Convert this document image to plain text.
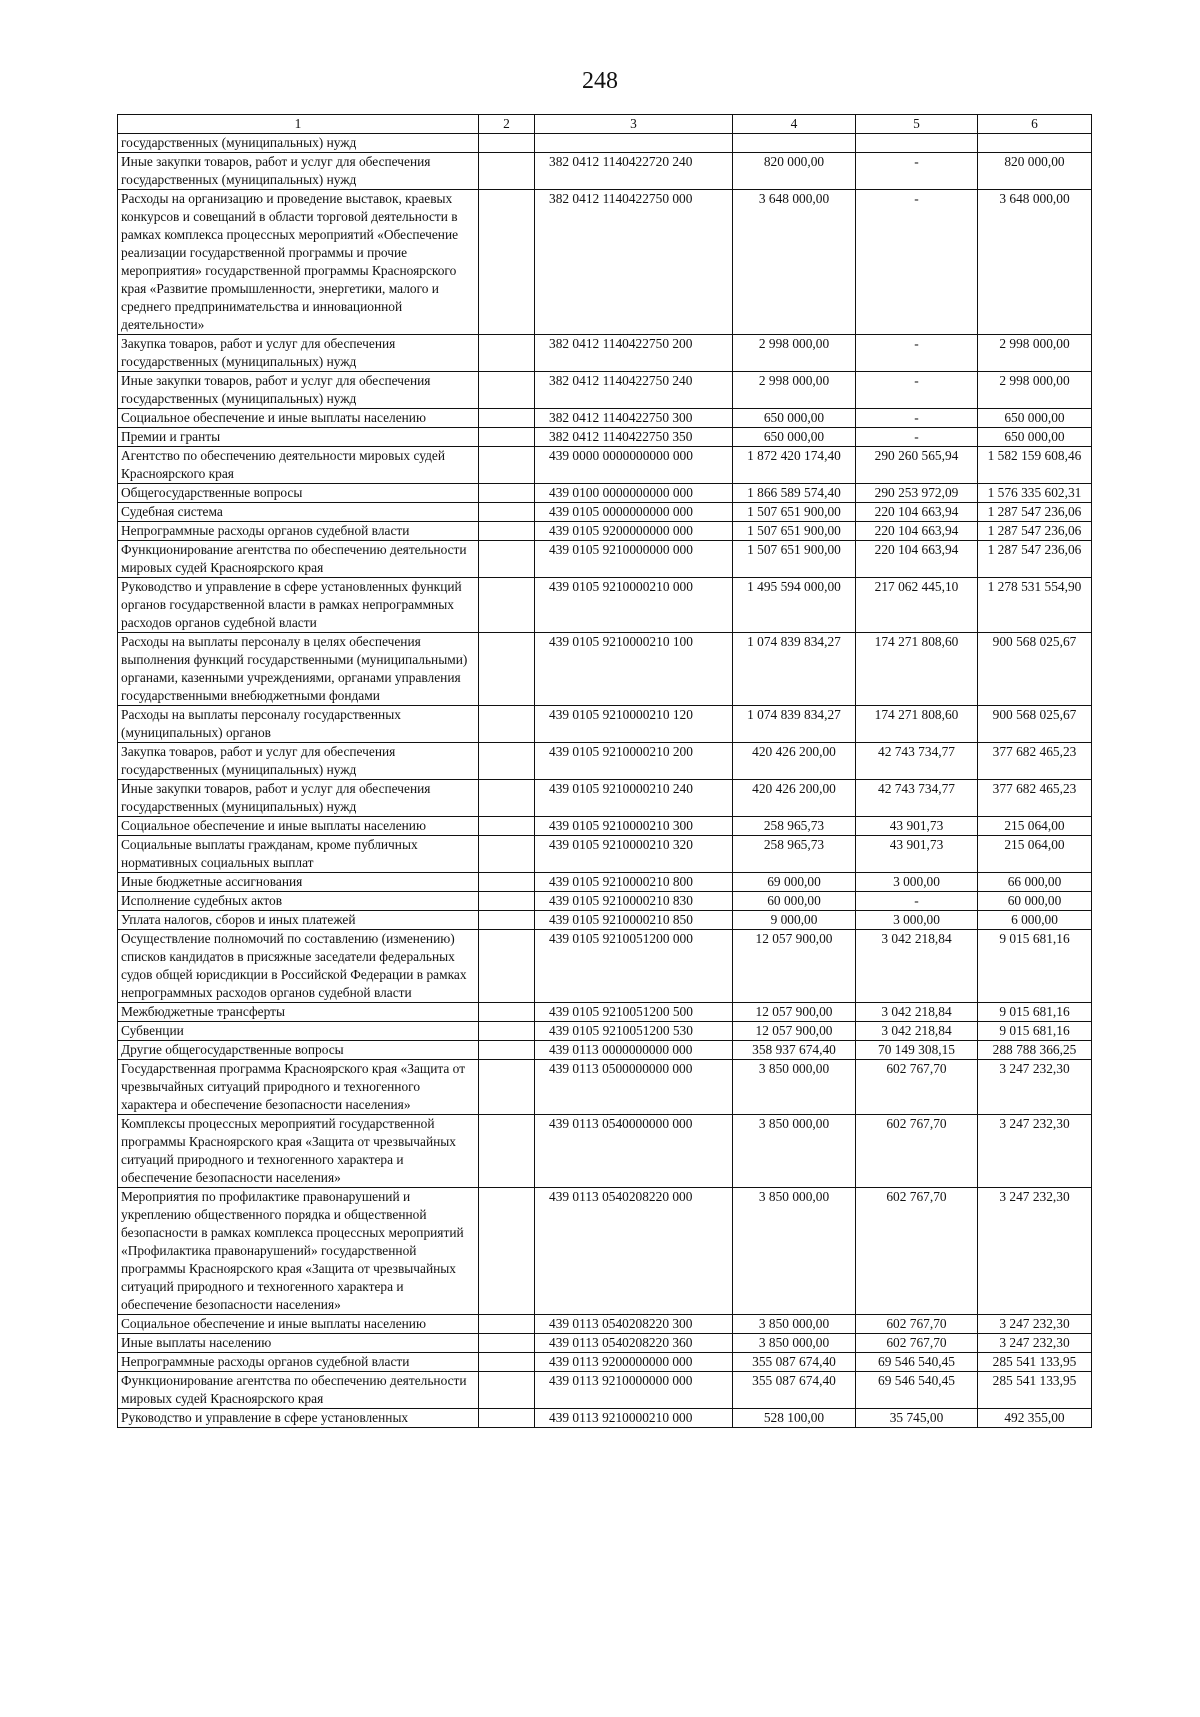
248
1	2	3	4	5	6
государственных (муниципальных) нужд					
Иные закупки товаров, работ и услуг для обеспечения государственных (муниципальных) нужд		382 0412 1140422720 240	820 000,00	-	820 000,00
Расходы на организацию и проведение выставок, краевых конкурсов и совещаний в области торговой деятельности в рамках комплекса процессных мероприятий «Обеспечение реализации государственной программы и прочие мероприятия» государственной программы Красноярского края «Развитие промышленности, энергетики, малого и среднего предпринимательства и инновационной деятельности»		382 0412 1140422750 000	3 648 000,00	-	3 648 000,00
Закупка товаров, работ и услуг для обеспечения государственных (муниципальных) нужд		382 0412 1140422750 200	2 998 000,00	-	2 998 000,00
Иные закупки товаров, работ и услуг для обеспечения государственных (муниципальных) нужд		382 0412 1140422750 240	2 998 000,00	-	2 998 000,00
Социальное обеспечение и иные выплаты населению		382 0412 1140422750 300	650 000,00	-	650 000,00
Премии и гранты		382 0412 1140422750 350	650 000,00	-	650 000,00
Агентство по обеспечению деятельности мировых судей Красноярского края		439 0000 0000000000 000	1 872 420 174,40	290 260 565,94	1 582 159 608,46
Общегосударственные вопросы		439 0100 0000000000 000	1 866 589 574,40	290 253 972,09	1 576 335 602,31
Судебная система		439 0105 0000000000 000	1 507 651 900,00	220 104 663,94	1 287 547 236,06
Непрограммные расходы органов судебной власти		439 0105 9200000000 000	1 507 651 900,00	220 104 663,94	1 287 547 236,06
Функционирование агентства по обеспечению деятельности мировых судей Красноярского края		439 0105 9210000000 000	1 507 651 900,00	220 104 663,94	1 287 547 236,06
Руководство и управление в сфере установленных функций органов государственной власти в рамках непрограммных расходов органов судебной власти		439 0105 9210000210 000	1 495 594 000,00	217 062 445,10	1 278 531 554,90
Расходы на выплаты персоналу в целях обеспечения выполнения функций государственными (муниципальными) органами, казенными учреждениями, органами управления государственными внебюджетными фондами		439 0105 9210000210 100	1 074 839 834,27	174 271 808,60	900 568 025,67
Расходы на выплаты персоналу государственных (муниципальных) органов		439 0105 9210000210 120	1 074 839 834,27	174 271 808,60	900 568 025,67
Закупка товаров, работ и услуг для обеспечения государственных (муниципальных) нужд		439 0105 9210000210 200	420 426 200,00	42 743 734,77	377 682 465,23
Иные закупки товаров, работ и услуг для обеспечения государственных (муниципальных) нужд		439 0105 9210000210 240	420 426 200,00	42 743 734,77	377 682 465,23
Социальное обеспечение и иные выплаты населению		439 0105 9210000210 300	258 965,73	43 901,73	215 064,00
Социальные выплаты гражданам, кроме публичных нормативных социальных выплат		439 0105 9210000210 320	258 965,73	43 901,73	215 064,00
Иные бюджетные ассигнования		439 0105 9210000210 800	69 000,00	3 000,00	66 000,00
Исполнение судебных актов		439 0105 9210000210 830	60 000,00	-	60 000,00
Уплата налогов, сборов и иных платежей		439 0105 9210000210 850	9 000,00	3 000,00	6 000,00
Осуществление полномочий по составлению (изменению) списков кандидатов в присяжные заседатели федеральных судов общей юрисдикции в Российской Федерации в рамках непрограммных расходов органов судебной власти		439 0105 9210051200 000	12 057 900,00	3 042 218,84	9 015 681,16
Межбюджетные трансферты		439 0105 9210051200 500	12 057 900,00	3 042 218,84	9 015 681,16
Субвенции		439 0105 9210051200 530	12 057 900,00	3 042 218,84	9 015 681,16
Другие общегосударственные вопросы		439 0113 0000000000 000	358 937 674,40	70 149 308,15	288 788 366,25
Государственная программа Красноярского края «Защита от чрезвычайных ситуаций природного и техногенного характера и обеспечение безопасности населения»		439 0113 0500000000 000	3 850 000,00	602 767,70	3 247 232,30
Комплексы процессных мероприятий государственной программы Красноярского края «Защита от чрезвычайных ситуаций природного и техногенного характера и обеспечение безопасности населения»		439 0113 0540000000 000	3 850 000,00	602 767,70	3 247 232,30
Мероприятия по профилактике правонарушений и укреплению общественного порядка и общественной безопасности в рамках комплекса процессных мероприятий «Профилактика правонарушений» государственной программы Красноярского края «Защита от чрезвычайных ситуаций природного и техногенного характера и обеспечение безопасности населения»		439 0113 0540208220 000	3 850 000,00	602 767,70	3 247 232,30
Социальное обеспечение и иные выплаты населению		439 0113 0540208220 300	3 850 000,00	602 767,70	3 247 232,30
Иные выплаты населению		439 0113 0540208220 360	3 850 000,00	602 767,70	3 247 232,30
Непрограммные расходы органов судебной власти		439 0113 9200000000 000	355 087 674,40	69 546 540,45	285 541 133,95
Функционирование агентства по обеспечению деятельности мировых судей Красноярского края		439 0113 9210000000 000	355 087 674,40	69 546 540,45	285 541 133,95
Руководство и управление в сфере установленных		439 0113 9210000210 000	528 100,00	35 745,00	492 355,00
